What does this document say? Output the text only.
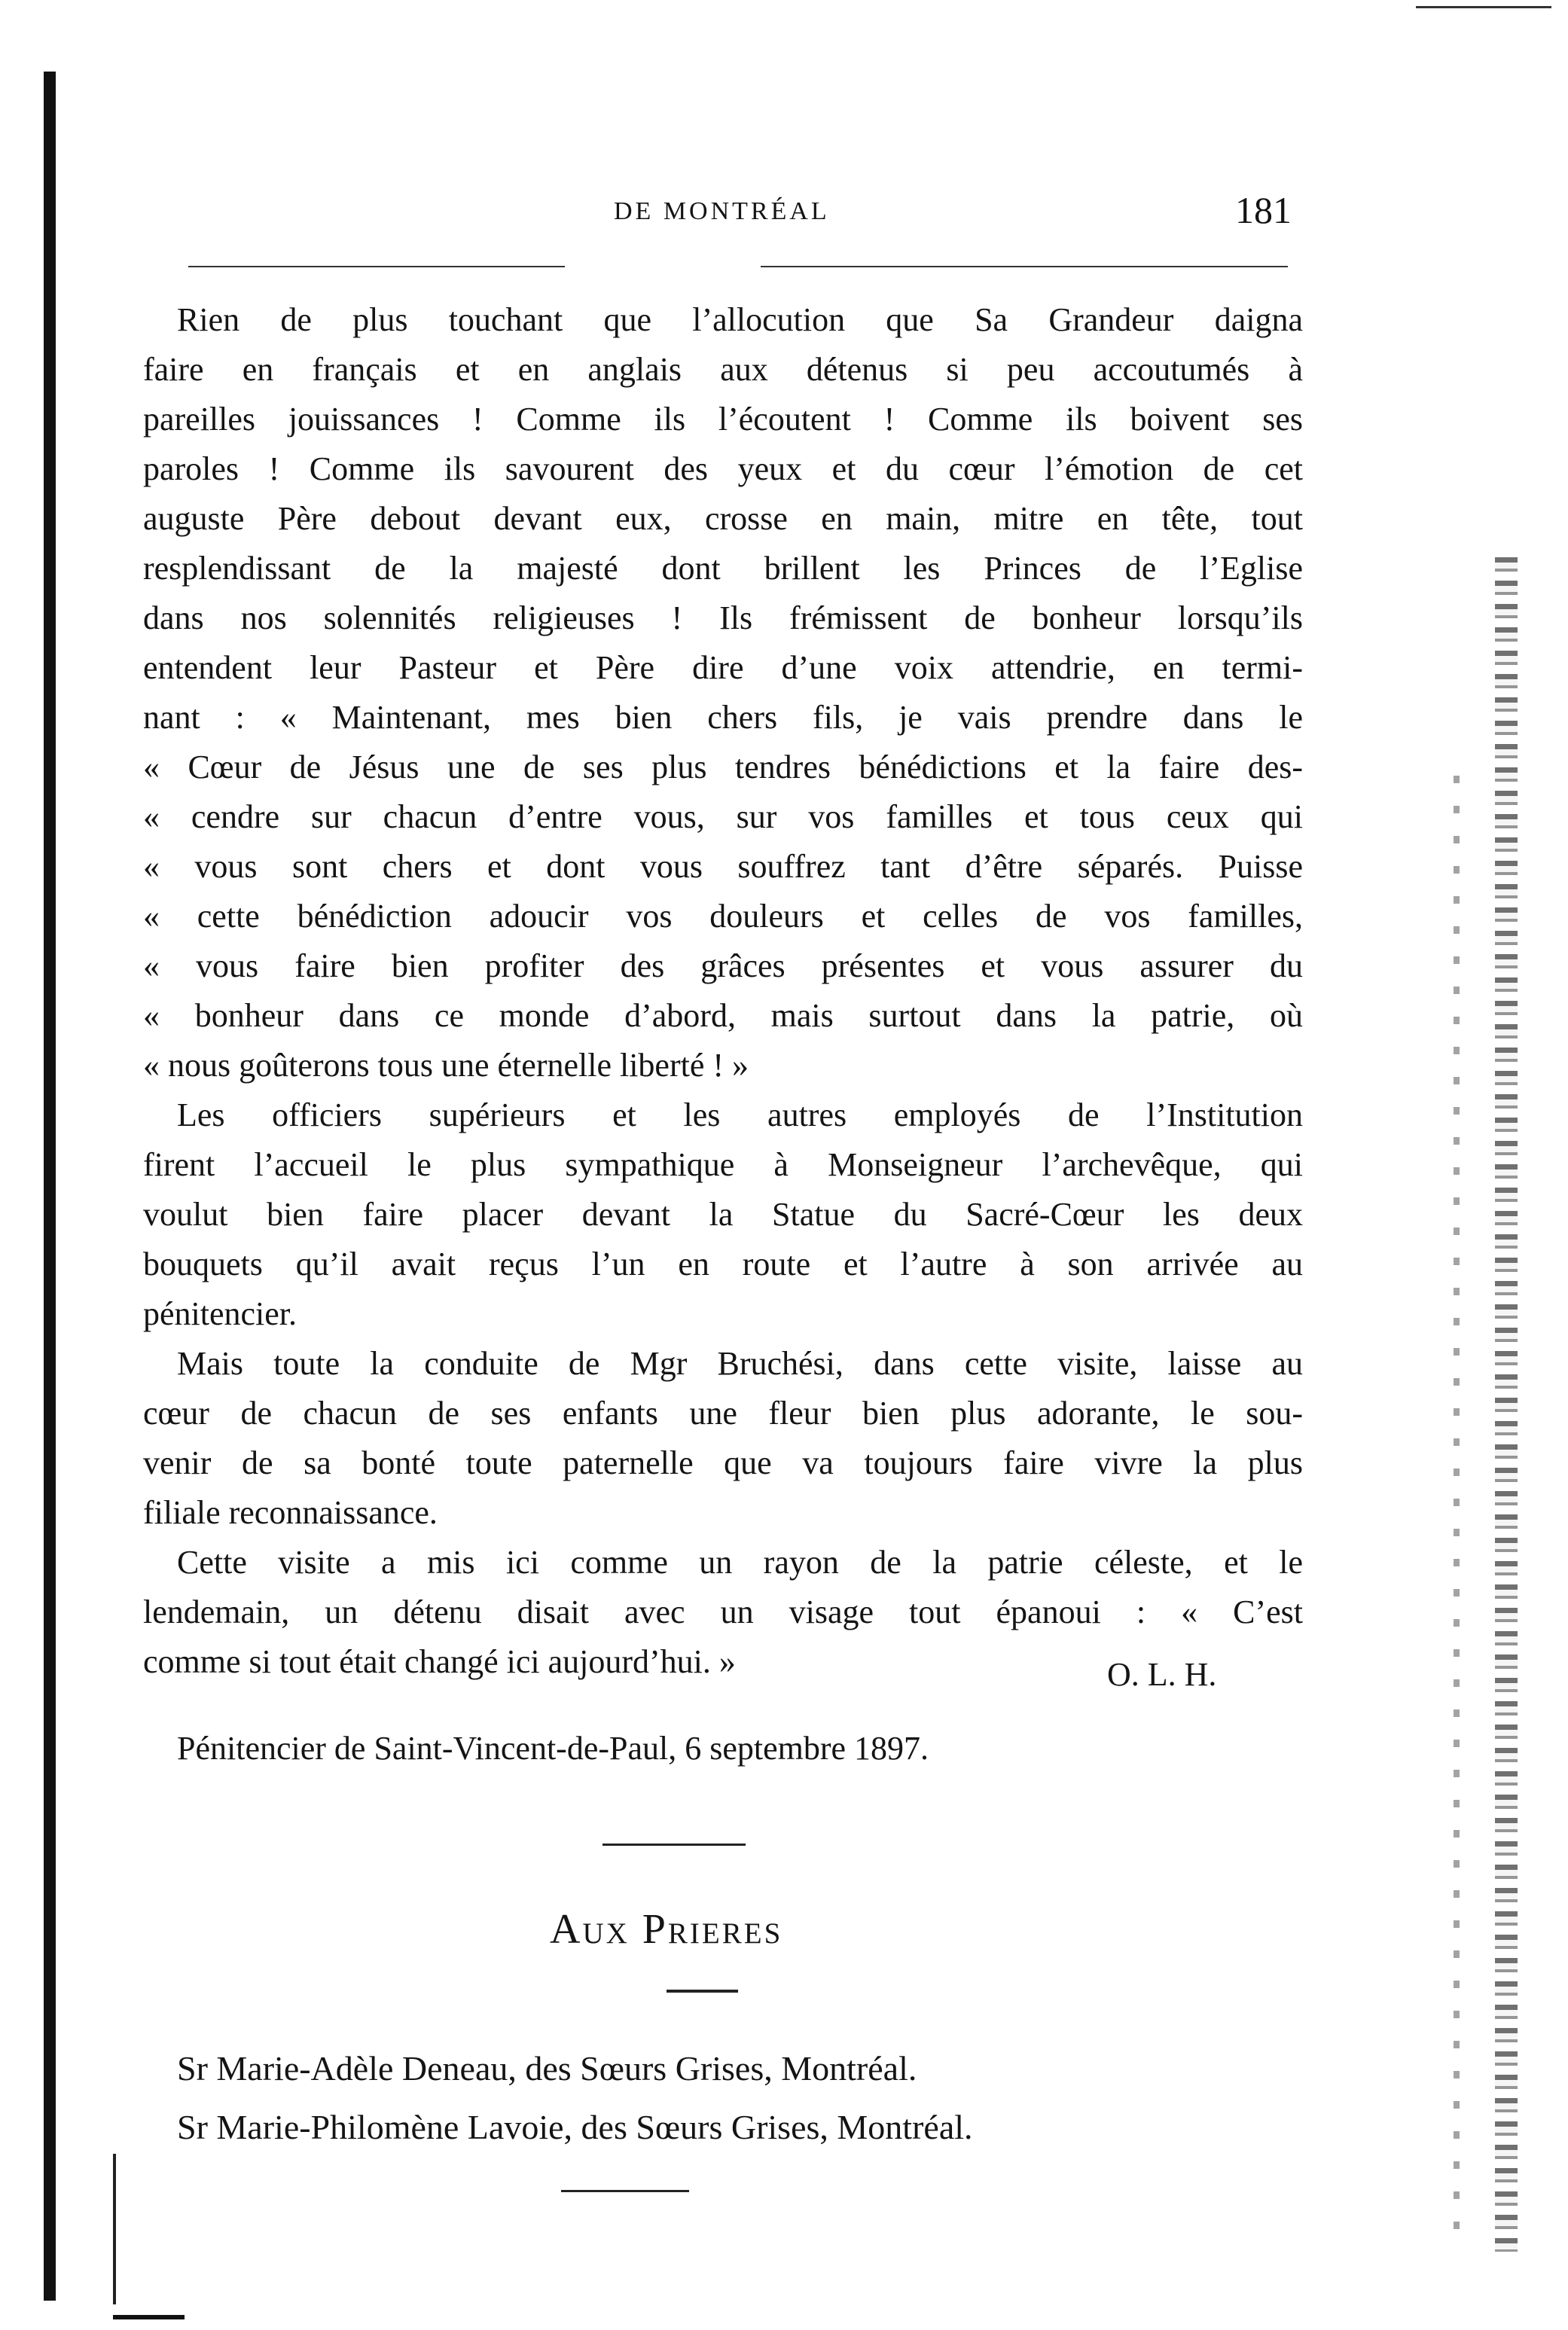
DE MONTRÉAL	181
Rien de plus touchant que l’allocution que Sa Grandeur daigna
faire en français et en anglais aux détenus si peu accoutumés à
pareilles jouissances ! Comme ils l’écoutent ! Comme ils boivent ses
paroles ! Comme ils savourent des yeux et du cœur l’émotion de cet
auguste Père debout devant eux, crosse en main, mitre en tête, tout
resplendissant de la majesté dont brillent les Princes de l’Eglise
dans nos solennités religieuses ! Ils frémissent de bonheur lorsqu’ils
entendent leur Pasteur et Père dire d’une voix attendrie, en termi-
nant : « Maintenant, mes bien chers fils, je vais prendre dans le
« Cœur de Jésus une de ses plus tendres bénédictions et la faire des-
« cendre sur chacun d’entre vous, sur vos familles et tous ceux qui
« vous sont chers et dont vous souffrez tant d’être séparés. Puisse
« cette bénédiction adoucir vos douleurs et celles de vos familles,
« vous faire bien profiter des grâces présentes et vous assurer du
« bonheur dans ce monde d’abord, mais surtout dans la patrie, où
« nous goûterons tous une éternelle liberté ! »
Les officiers supérieurs et les autres employés de l’Institution
firent l’accueil le plus sympathique à Monseigneur l’archevêque, qui
voulut bien faire placer devant la Statue du Sacré-Cœur les deux
bouquets qu’il avait reçus l’un en route et l’autre à son arrivée au
pénitencier.
Mais toute la conduite de Mgr Bruchési, dans cette visite, laisse au
cœur de chacun de ses enfants une fleur bien plus adorante, le sou-
venir de sa bonté toute paternelle que va toujours faire vivre la plus
filiale reconnaissance.
Cette visite a mis ici comme un rayon de la patrie céleste, et le
lendemain, un détenu disait avec un visage tout épanoui : « C’est
comme si tout était changé ici aujourd’hui. »	O. L. H.
Pénitencier de Saint-Vincent-de-Paul, 6 septembre 1897.
Aux Prieres
Sr Marie-Adèle Deneau, des Sœurs Grises, Montréal.
Sr Marie-Philomène Lavoie, des Sœurs Grises, Montréal.
